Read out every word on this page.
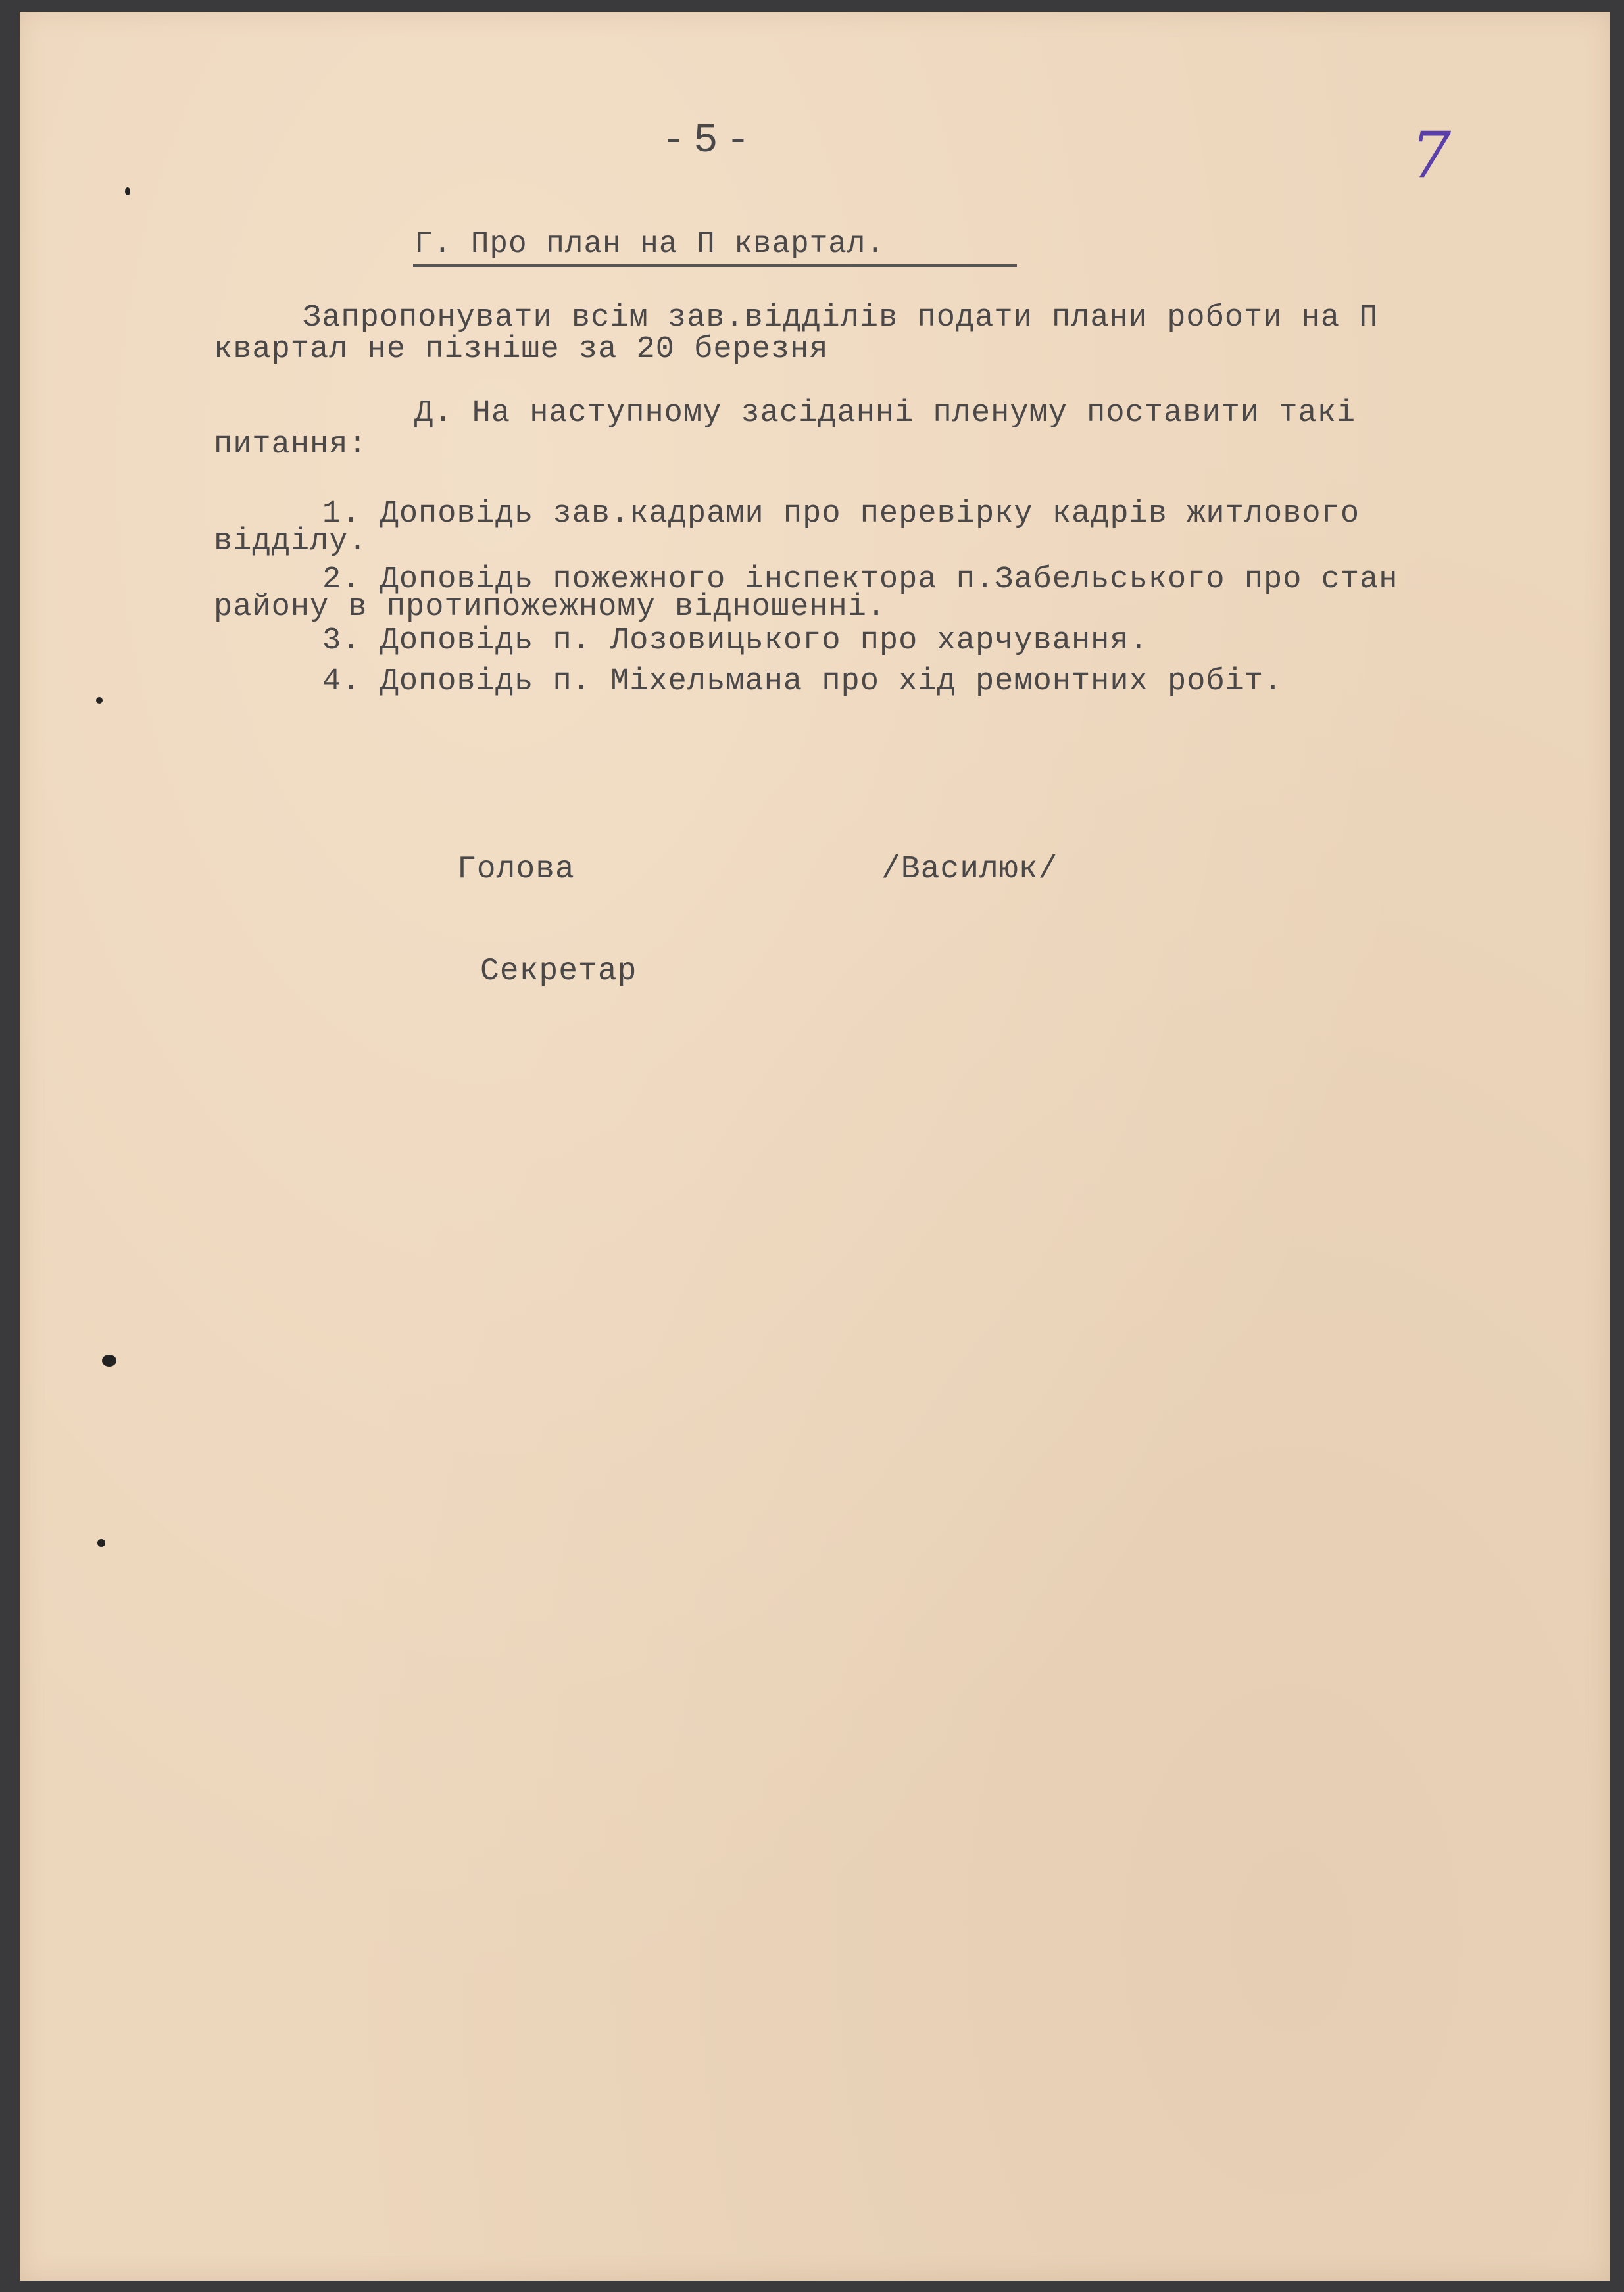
-5-	7
Г. Про план на П квартал.
Запропонувати всім зав.відділів подати плани роботи на П
квартал не пізніше за 20 березня
Д. На наступному засіданні пленуму поставити такі
питання:
1. Доповідь зав.кадрами про перевірку кадрів житлового
відділу.
2. Доповідь пожежного інспектора п.Забельського про стан
району в протипожежному відношенні.
3. Доповідь п. Лозовицького про харчування.
4. Доповідь п. Міхельмана про хід ремонтних робіт.
Голова	/Василюк/
Секретар
